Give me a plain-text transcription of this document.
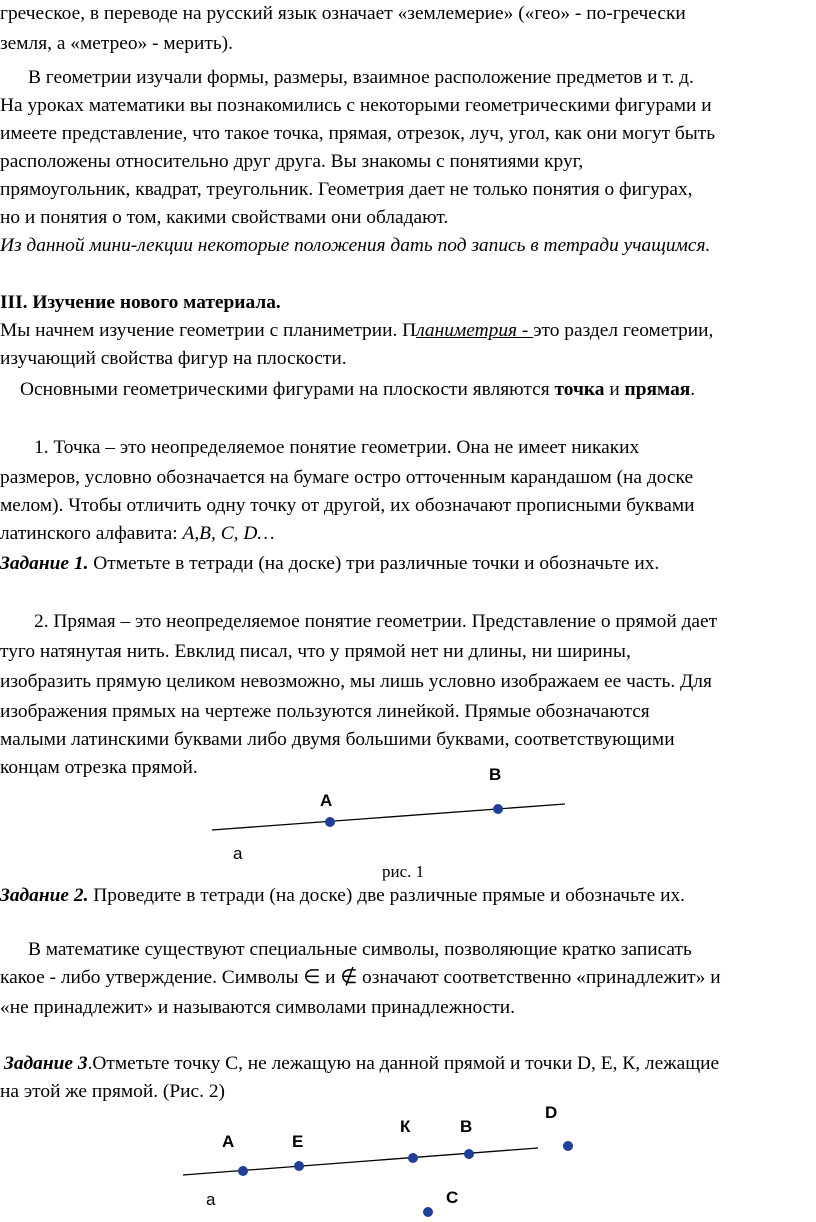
греческое, в переводе на русский язык означает «землемерие» («гео» - по-гречески
земля, а «метрео» - мерить).
В геометрии изучали формы, размеры, взаимное расположение предметов и т. д.
На уроках математики вы познакомились с некоторыми геометрическими фигурами и
имеете представление, что такое точка, прямая, отрезок, луч, угол, как они могут быть
расположены относительно друг друга. Вы знакомы с понятиями круг,
прямоугольник, квадрат, треугольник. Геометрия дает не только понятия о фигурах,
но и понятия о том, какими свойствами они обладают.
Из данной мини-лекции некоторые положения дать под запись в тетради учащимся.
III. Изучение нового материала.
Мы начнем изучение геометрии с планиметрии. Планиметрия - это раздел геометрии,
изучающий свойства фигур на плоскости.
Основными геометрическими фигурами на плоскости являются точка и прямая.
1. Точка – это неопределяемое понятие геометрии. Она не имеет никаких
размеров, условно обозначается на бумаге остро отточенным карандашом (на доске
мелом). Чтобы отличить одну точку от другой, их обозначают прописными буквами
латинского алфавита: A,B, C, D…
Задание 1. Отметьте в тетради (на доске) три различные точки и обозначьте их.
2. Прямая – это неопределяемое понятие геометрии. Представление о прямой дает
туго натянутая нить. Евклид писал, что у прямой нет ни длины, ни ширины,
изобразить прямую целиком невозможно, мы лишь условно изображаем ее часть. Для
изображения прямых на чертеже пользуются линейкой. Прямые обозначаются
малыми латинскими буквами либо двумя большими буквами, соответствующими
концам отрезка прямой.	B
A
а
рис. 1
Задание 2. Проведите в тетради (на доске) две различные прямые и обозначьте их.
В математике существуют специальные символы, позволяющие кратко записать
какое - либо утверждение. Символы ∈ и ∉ означают соответственно «принадлежит» и
«не принадлежит» и называются символами принадлежности.
Задание 3.Отметьте точку С, не лежащую на данной прямой и точки D, E, К, лежащие
на этой же прямой. (Рис. 2)
D
К	В
А	Е
а	С
